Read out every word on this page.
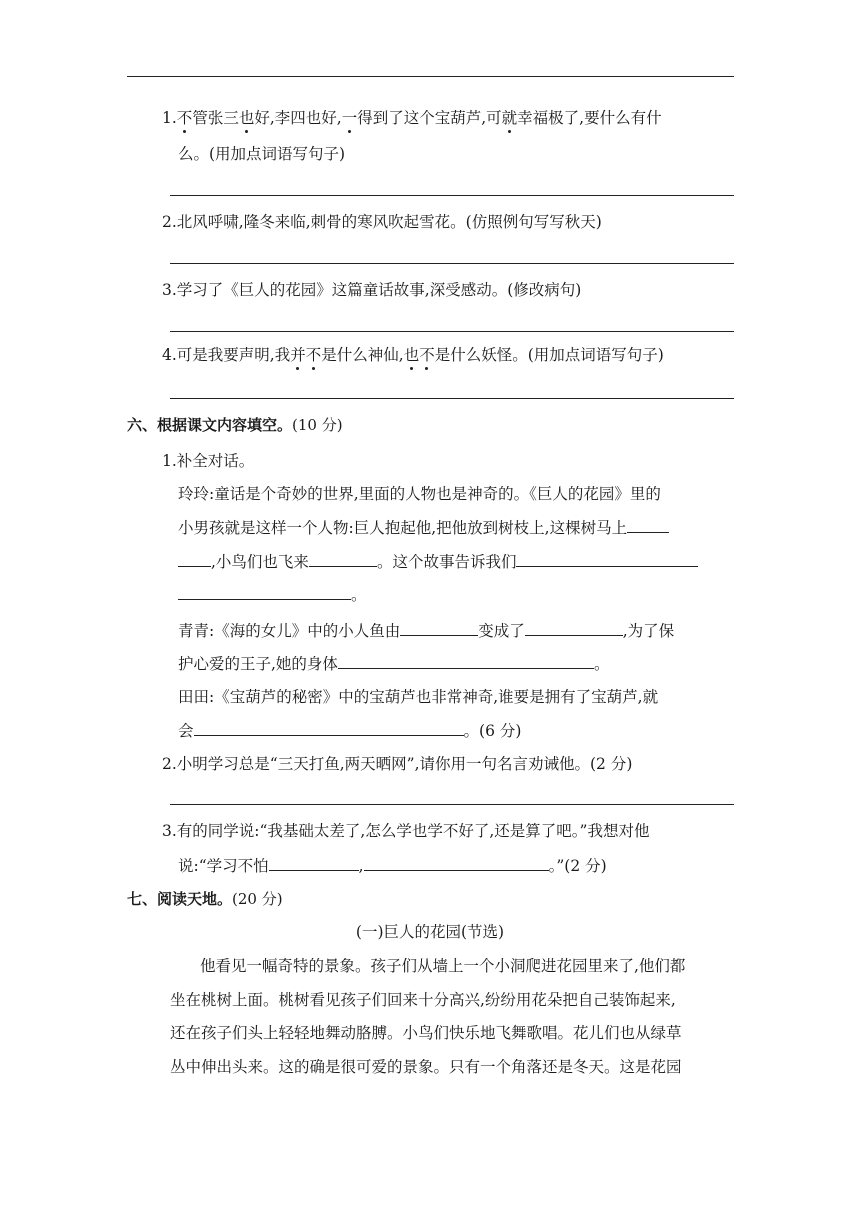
1.不管张三也好,李四也好,一得到了这个宝葫芦,可就幸福极了,要什么有什
么。(用加点词语写句子)
2.北风呼啸,隆冬来临,刺骨的寒风吹起雪花。(仿照例句写写秋天)
3.学习了《巨人的花园》这篇童话故事,深受感动。(修改病句)
4.可是我要声明,我并不是什么神仙,也不是什么妖怪。(用加点词语写句子)
六、根据课文内容填空。(10 分)
1.补全对话。
玲玲:童话是个奇妙的世界,里面的人物也是神奇的。《巨人的花园》里的
小男孩就是这样一个人物:巨人抱起他,把他放到树枝上,这棵树马上
,小鸟们也飞来	。这个故事告诉我们
。
青青:《海的女儿》中的小人鱼由	变成了	,为了保
护心爱的王子,她的身体	。
田田:《宝葫芦的秘密》中的宝葫芦也非常神奇,谁要是拥有了宝葫芦,就
会	。(6 分)
2.小明学习总是“三天打鱼,两天晒网”,请你用一句名言劝诫他。(2 分)
3.有的同学说:“我基础太差了,怎么学也学不好了,还是算了吧。”我想对他
说:“学习不怕	,	。”(2 分)
七、阅读天地。(20 分)
(一)巨人的花园(节选)
他看见一幅奇特的景象。孩子们从墙上一个小洞爬进花园里来了,他们都
坐在桃树上面。桃树看见孩子们回来十分高兴,纷纷用花朵把自己装饰起来,
还在孩子们头上轻轻地舞动胳膊。小鸟们快乐地飞舞歌唱。花儿们也从绿草
丛中伸出头来。这的确是很可爱的景象。只有一个角落还是冬天。这是花园
